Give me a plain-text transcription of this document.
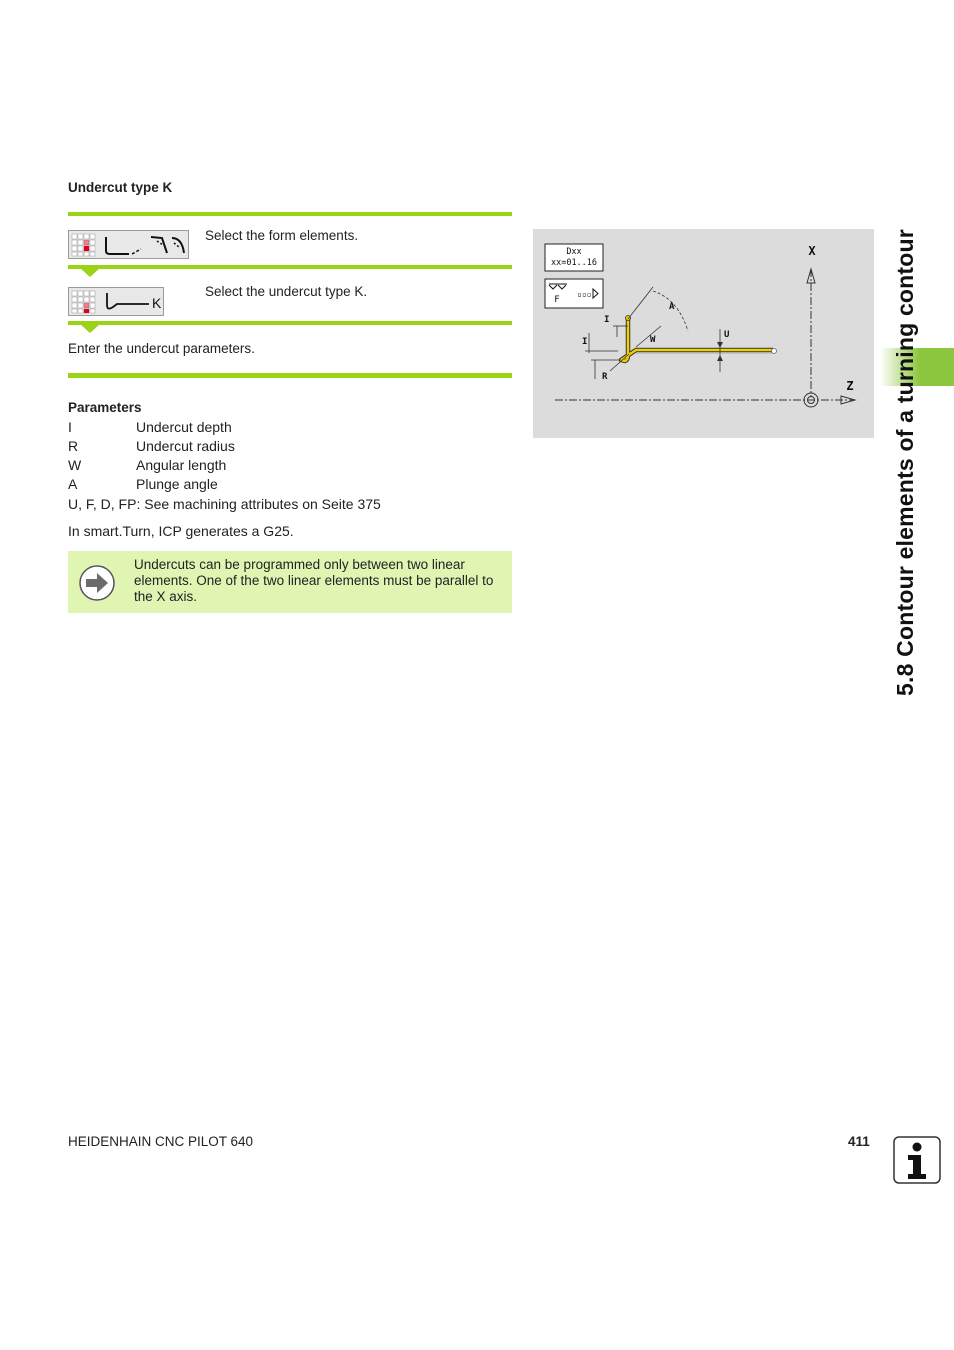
Undercut type K
Select the form elements.
K
Select the undercut type K.
Enter the undercut parameters.
Parameters
I	Undercut depth
R	Undercut radius
W	Angular length
A	Plunge angle
U, F, D, FP: See machining attributes on Seite 375
In smart.Turn, ICP generates a G25.
Undercuts can be programmed only between two linear elements. One of the two linear elements must be parallel to the X axis.
Dxx
xx=01..16
F
▫▫▫
X
Z
I
I
R
W
A
U	5.8 Contour elements of a turning contour
HEIDENHAIN CNC PILOT 640	411
